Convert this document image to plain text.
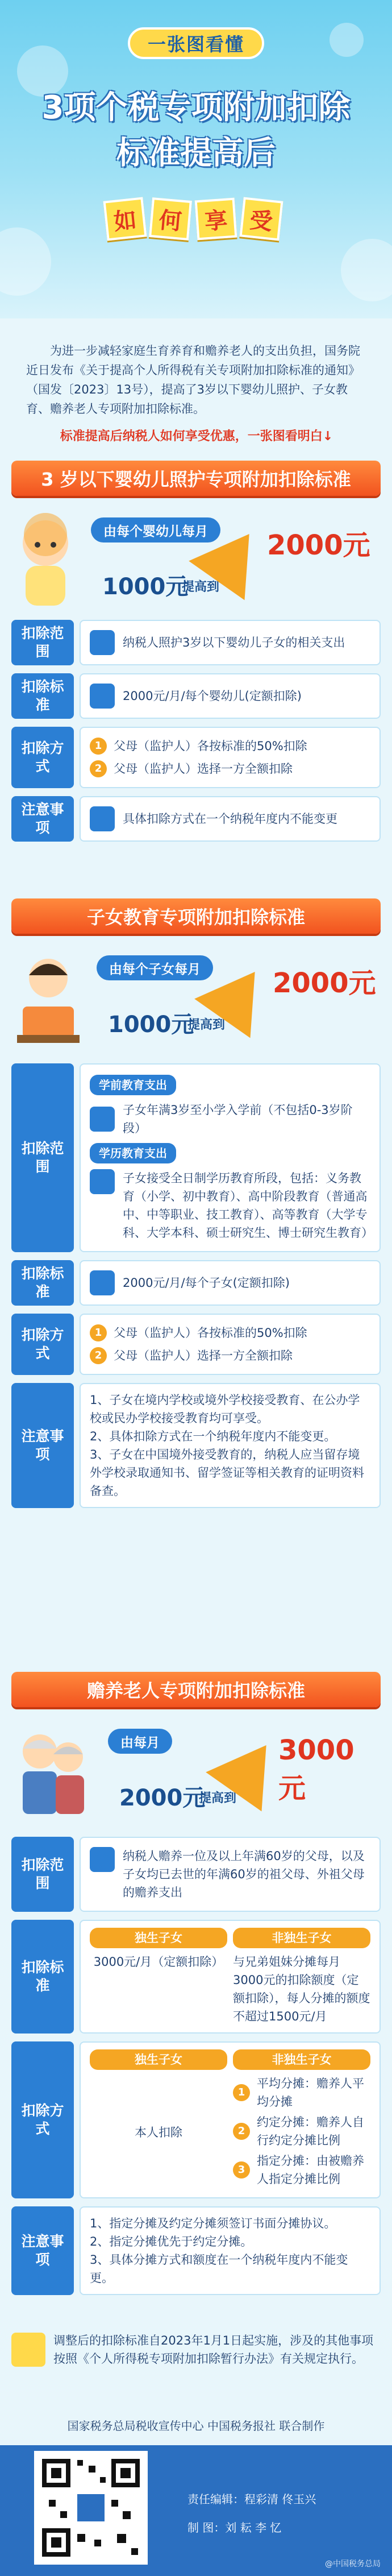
一张图看懂
3项个税专项附加扣除
标准提高后
如 何 享 受
为进一步减轻家庭生育养育和赡养老人的支出负担，国务院近日发布《关于提高个人所得税有关专项附加扣除标准的通知》（国发〔2023〕13号），提高了3岁以下婴幼儿照护、子女教育、赡养老人专项附加扣除标准。
标准提高后纳税人如何享受优惠，一张图看明白↓
3 岁以下婴幼儿照护专项附加扣除标准
由每个婴幼儿每月
1000元
提高到
2000元
扣除范围
纳税人照护3岁以下婴幼儿子女的相关支出
扣除标准
2000元/月/每个婴幼儿(定额扣除)
扣除方式
1 父母（监护人）各按标准的50%扣除
2 父母（监护人）选择一方全额扣除
注意事项
具体扣除方式在一个纳税年度内不能变更
子女教育专项附加扣除标准
由每个子女每月
1000元
提高到
2000元
扣除范围
学前教育支出
子女年满3岁至小学入学前（不包括0-3岁阶段）
学历教育支出
子女接受全日制学历教育所段，包括：义务教育（小学、初中教育）、高中阶段教育（普通高中、中等职业、技工教育）、高等教育（大学专科、大学本科、硕士研究生、博士研究生教育）
扣除标准
2000元/月/每个子女(定额扣除)
扣除方式
1 父母（监护人）各按标准的50%扣除
2 父母（监护人）选择一方全额扣除
注意事项
1、子女在境内学校或境外学校接受教育、在公办学校或民办学校接受教育均可享受。
2、具体扣除方式在一个纳税年度内不能变更。
3、子女在中国境外接受教育的，纳税人应当留存境外学校录取通知书、留学签证等相关教育的证明资料备查。
赡养老人专项附加扣除标准
由每月
2000元
提高到
3000元
扣除范围
纳税人赡养一位及以上年满60岁的父母，以及子女均已去世的年满60岁的祖父母、外祖父母的赡养支出
扣除标准
独生子女
3000元/月（定额扣除）
非独生子女
与兄弟姐妹分摊每月3000元的扣除额度（定额扣除），每人分摊的额度不超过1500元/月
扣除方式
独生子女
本人扣除
非独生子女
1
平均分摊：赡养人平均分摊
2
约定分摊：赡养人自行约定分摊比例
3
指定分摊：由被赡养人指定分摊比例
注意事项
1、指定分摊及约定分摊须签订书面分摊协议。
2、指定分摊优先于约定分摊。
3、具体分摊方式和额度在一个纳税年度内不能变更。
调整后的扣除标准自2023年1月1日起实施，涉及的其他事项按照《个人所得税专项附加扣除暂行办法》有关规定执行。
国家税务总局税收宣传中心 中国税务报社 联合制作
责任编辑：程彩清 佟玉兴
制 图：刘 耘 李 忆
@中国税务总局
